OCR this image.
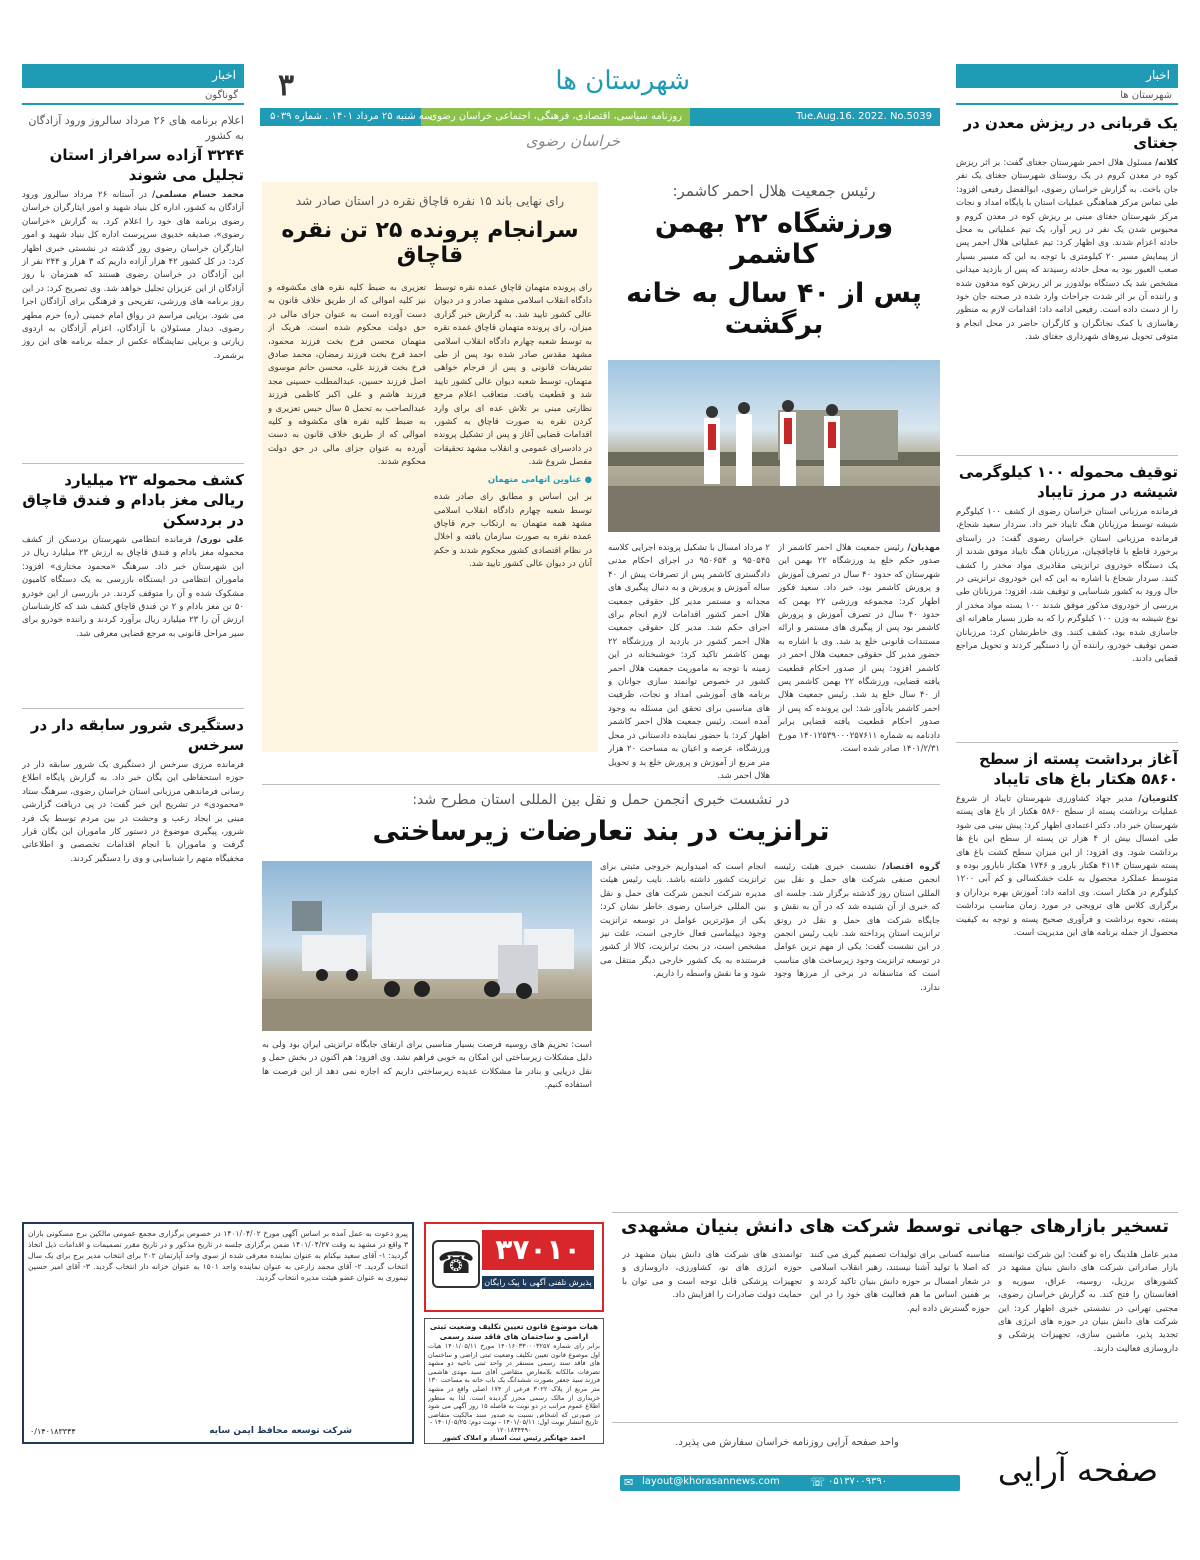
اخبار
گوناگون
اعلام برنامه های ۲۶ مرداد سالروز ورود آزادگان به کشور
۳۲۴۴ آزاده سرافراز استان تجلیل می شوند
محمد حسام مسلمی/ در آستانه ۲۶ مرداد سالروز ورود آزادگان به کشور، اداره کل بنیاد شهید و امور ایثارگران خراسان رضوی برنامه های خود را اعلام کرد. به گزارش «خراسان رضوی»، صدیقه خدیوی سرپرست اداره کل بنیاد شهید و امور ایثارگران خراسان رضوی روز گذشته در نشستی خبری اظهار کرد: در کل کشور ۴۲ هزار آزاده داریم که ۳ هزار و ۲۴۴ نفر از این آزادگان در خراسان رضوی هستند که همزمان با روز آزادگان از این عزیزان تجلیل خواهد شد. وی تصریح کرد: در این روز برنامه های ورزشی، تفریحی و فرهنگی برای آزادگان اجرا می شود. برپایی مراسم در رواق امام خمینی (ره) حرم مطهر رضوی، دیدار مسئولان با آزادگان، اعزام آزادگان به اردوی زیارتی و برپایی نمایشگاه عکس از جمله برنامه های این روز برشمرد.
کشف محموله ۲۳ میلیارد ریالی مغز بادام و فندق قاچاق در بردسکن
علی نوری/ فرمانده انتظامی شهرستان بردسکن از کشف محموله مغز بادام و فندق قاچاق به ارزش ۲۳ میلیارد ریال در این شهرستان خبر داد. سرهنگ «محمود مختاری» افزود: ماموران انتظامی در ایستگاه بازرسی به یک دستگاه کامیون مشکوک شده و آن را متوقف کردند. در بازرسی از این خودرو ۵۰ تن مغز بادام و ۲ تن فندق قاچاق کشف شد که کارشناسان ارزش آن را ۲۳ میلیارد ریال برآورد کردند و راننده خودرو برای سیر مراحل قانونی به مرجع قضایی معرفی شد.
دستگیری شرور سابقه دار در سرخس
فرمانده مرزی سرخس از دستگیری یک شرور سابقه دار در حوزه استحفاظی این یگان خبر داد. به گزارش پایگاه اطلاع رسانی فرماندهی مرزبانی استان خراسان رضوی، سرهنگ ستاد «محمودی» در تشریح این خبر گفت: در پی دریافت گزارشی مبنی بر ایجاد رعب و وحشت در بین مردم توسط یک فرد شرور، پیگیری موضوع در دستور کار ماموران این یگان قرار گرفت و ماموران با انجام اقدامات تخصصی و اطلاعاتی مخفیگاه متهم را شناسایی و وی را دستگیر کردند.
اخبار
شهرستان ها
یک قربانی در ریزش معدن در جغتای
کلاته/ مسئول هلال احمر شهرستان جغتای گفت: بر اثر ریزش کوه در معدن کروم در یک روستای شهرستان جغتای یک نفر جان باخت. به گزارش خراسان رضوی، ابوالفضل رفیعی افزود: طی تماس مرکز هماهنگی عملیات استان با پایگاه امداد و نجات مرکز شهرستان جغتای مبنی بر ریزش کوه در معدن کروم و محبوس شدن یک نفر در زیر آوار، یک تیم عملیاتی به محل حادثه اعزام شدند. وی اظهار کرد: تیم عملیاتی هلال احمر پس از پیمایش مسیر ۲۰ کیلومتری با توجه به این که مسیر بسیار صعب العبور بود به محل حادثه رسیدند که پس از بازدید میدانی مشخص شد یک دستگاه بولدوزر بر اثر ریزش کوه مدفون شده و راننده آن بر اثر شدت جراحات وارد شده در صحنه جان خود را از دست داده است. رفیعی ادامه داد: اقدامات لازم به منظور رهاسازی با کمک نجاتگران و کارگران حاضر در محل انجام و متوفی تحویل نیروهای شهرداری جغتای شد.
توقیف محموله ۱۰۰ کیلوگرمی شیشه در مرز تایباد
فرمانده مرزبانی استان خراسان رضوی از کشف ۱۰۰ کیلوگرم شیشه توسط مرزبانان هنگ تایباد خبر داد. سردار سعید شجاع، فرمانده مرزبانی استان خراسان رضوی گفت: در راستای برخورد قاطع با قاچاقچیان، مرزبانان هنگ تایباد موفق شدند از یک دستگاه خودروی ترانزیتی مقادیری مواد مخدر را کشف کنند. سردار شجاع با اشاره به این که این خودروی ترانزیتی در حال ورود به کشور شناسایی و توقیف شد، افزود: مرزبانان طی بررسی از خودروی مذکور موفق شدند ۱۰۰ بسته مواد مخدر از نوع شیشه به وزن ۱۰۰ کیلوگرم را که به طرز بسیار ماهرانه ای جاسازی شده بود، کشف کنند. وی خاطرنشان کرد: مرزبانان ضمن توقیف خودرو، راننده آن را دستگیر کردند و تحویل مراجع قضایی دادند.
آغاز برداشت پسته از سطح ۵۸۶۰ هکتار باغ های تایباد
کلثومیان/ مدیر جهاد کشاورزی شهرستان تایباد از شروع عملیات برداشت پسته از سطح ۵۸۶۰ هکتار از باغ های پسته شهرستان خبر داد. دکتر اعتمادی اظهار کرد: پیش بینی می شود طی امسال بیش از ۴ هزار تن پسته از سطح این باغ ها برداشت شود. وی افزود: از این میزان سطح کشت باغ های پسته شهرستان ۴۱۱۴ هکتار بارور و ۱۷۴۶ هکتار نابارور بوده و متوسط عملکرد محصول به علت خشکسالی و کم آبی ۱۲۰۰ کیلوگرم در هکتار است. وی ادامه داد: آموزش بهره برداران و برگزاری کلاس های ترویجی در مورد زمان مناسب برداشت پسته، نحوه برداشت و فرآوری صحیح پسته و توجه به کیفیت محصول از جمله برنامه های این مدیریت است.
۳	شهرستان ها
روزنامه سیاسی، اقتصادی، فرهنگی، اجتماعی خراسان رضوی	Tue.Aug.16. 2022. No.5039
سه شنبه ۲۵ مرداد ۱۴۰۱ . شماره ۵۰۳۹
خراسان رضوی
رئیس جمعیت هلال احمر کاشمر:
ورزشگاه ۲۲ بهمن کاشمر
پس از ۴۰ سال به خانه برگشت
مهدیان/ رئیس جمعیت هلال احمر کاشمر از صدور حکم خلع ید ورزشگاه ۲۲ بهمن این شهرستان که حدود ۴۰ سال در تصرف آموزش و پرورش کاشمر بود، خبر داد. سعید فکور اظهار کرد: مجموعه ورزشی ۲۲ بهمن که حدود ۴۰ سال در تصرف آموزش و پرورش کاشمر بود پس از پیگیری های مستمر و ارائه مستندات قانونی خلع ید شد. وی با اشاره به حضور مدیر کل حقوقی جمعیت هلال احمر در کاشمر افزود: پس از صدور احکام قطعیت یافته قضایی، ورزشگاه ۲۲ بهمن کاشمر پس از ۴۰ سال خلع ید شد. رئیس جمعیت هلال احمر کاشمر یادآور شد: این پرونده که پس از صدور احکام قطعیت یافته قضایی برابر دادنامه به شماره ۱۴۰۱۲۵۳۹۰۰۰۲۵۷۶۱۱ مورخ ۱۴۰۱/۲/۳۱ صادر شده است.
۲ مرداد امسال با تشکیل پرونده اجرایی کلاسه ۹۵۰۵۴۵ و ۹۵۰۶۵۴ در اجرای احکام مدنی دادگستری کاشمر پس از تصرفات پیش از ۴۰ ساله آموزش و پرورش و به دنبال پیگیری های مجدانه و مستمر مدیر کل حقوقی جمعیت هلال احمر کشور اقدامات لازم انجام برای اجرای حکم شد. مدیر کل حقوقی جمعیت هلال احمر کشور در بازدید از ورزشگاه ۲۲ بهمن کاشمر تاکید کرد: خوشبختانه در این زمینه با توجه به ماموریت جمعیت هلال احمر کشور در خصوص توانمند سازی جوانان و برنامه های آموزشی امداد و نجات، ظرفیت های مناسبی برای تحقق این مسئله به وجود آمده است. رئیس جمعیت هلال احمر کاشمر اظهار کرد: با حضور نماینده دادستانی در محل ورزشگاه، عرصه و اعیان به مساحت ۲۰ هزار متر مربع از آموزش و پرورش خلع ید و تحویل هلال احمر شد.
رای نهایی باند ۱۵ نفره قاچاق نقره در استان صادر شد
سرانجام پرونده ۲۵ تن نقره قاچاق
رای پرونده متهمان قاچاق عمده نقره توسط دادگاه انقلاب اسلامی مشهد صادر و در دیوان عالی کشور تایید شد. به گزارش خبر گزاری میزان، رای پرونده متهمان قاچاق عمده نقره به توسط شعبه چهارم دادگاه انقلاب اسلامی مشهد مقدس صادر شده بود پس از طی تشریفات قانونی و پس از فرجام خواهی متهمان، توسط شعبه دیوان عالی کشور تایید شد و قطعیت یافت. متعاقب اعلام مرجع نظارتی مبنی بر تلاش عده ای برای وارد کردن نقره به صورت قاچاق به کشور، اقدامات قضایی آغاز و پس از تشکیل پرونده در دادسرای عمومی و انقلاب مشهد تحقیقات مفصل شروع شد.
● عناوین اتهامی متهمان
بر این اساس و مطابق رای صادر شده توسط شعبه چهارم دادگاه انقلاب اسلامی مشهد همه متهمان به ارتکاب جرم قاچاق عمده نقره به صورت سازمان یافته و اخلال در نظام اقتصادی کشور محکوم شدند و حکم آنان در دیوان عالی کشور تایید شد.
تعزیری به ضبط کلیه نقره های مکشوفه و نیز کلیه اموالی که از طریق خلاف قانون به دست آورده است به عنوان جزای مالی در حق دولت محکوم شده است. هریک از متهمان محسن فرخ بخت فرزند محمود، احمد فرخ بخت فرزند رمضان، محمد صادق فرخ بخت فرزند علی، محسن حاتم موسوی اصل فرزند حسین، عبدالمطلب حسینی مجد فرزند هاشم و علی اکبر کاظمی فرزند عبدالصاحب به تحمل ۵ سال حبس تعزیری و به ضبط کلیه نقره های مکشوفه و کلیه اموالی که از طریق خلاف قانون به دست آورده به عنوان جزای مالی در حق دولت محکوم شدند.
در نشست خبری انجمن حمل و نقل بین المللی استان مطرح شد:
ترانزیت در بند تعارضات زیرساختی
گروه اقتصاد/ نشست خبری هیئت رئیسه انجمن صنفی شرکت های حمل و نقل بین المللی استان روز گذشته برگزار شد. جلسه ای که خبری از آن شنیده شد که در آن به نقش و جایگاه شرکت های حمل و نقل در رونق ترانزیت استان پرداخته شد. نایب رئیس انجمن در این نشست گفت: یکی از مهم ترین عوامل در توسعه ترانزیت وجود زیرساخت های مناسب است که متاسفانه در برخی از مرزها وجود ندارد.
انجام است که امیدواریم خروجی مثبتی برای ترانزیت کشور داشته باشد. نایب رئیس هیئت مدیره شرکت انجمن شرکت های حمل و نقل بین المللی خراسان رضوی خاطر نشان کرد: یکی از مؤثرترین عوامل در توسعه ترانزیت وجود دیپلماسی فعال خارجی است، علت نیز مشخص است، در بحث ترانزیت، کالا از کشور فرستنده به یک کشور خارجی دیگر منتقل می شود و ما نقش واسطه را داریم.
است: تحریم های روسیه فرصت بسیار مناسبی برای ارتقای جایگاه ترانزیتی ایران بود ولی به دلیل مشکلات زیرساختی این امکان به خوبی فراهم نشد. وی افزود: هم اکنون در بخش حمل و نقل دریایی و بنادر ما مشکلات عدیده زیرساختی داریم که اجازه نمی دهد از این فرصت ها استفاده کنیم.
تسخیر بازارهای جهانی توسط شرکت های دانش بنیان مشهدی
مدیر عامل هلدینگ راه نو گفت: این شرکت توانسته بازار صادراتی شرکت های دانش بنیان مشهد در کشورهای برزیل، روسیه، عراق، سوریه و افغانستان را فتح کند. به گزارش خراسان رضوی، مجتبی تهرانی در نشستی خبری اظهار کرد: این شرکت های دانش بنیان در حوزه های انرژی های تجدید پذیر، ماشین سازی، تجهیزات پزشکی و داروسازی فعالیت دارند.
مناسبه کسانی برای تولیدات تصمیم گیری می کنند که اصلا با تولید آشنا نیستند، رهبر انقلاب اسلامی در شعار امسال بر حوزه دانش بنیان تاکید کردند و بر همین اساس ما هم فعالیت های خود را در این حوزه گسترش داده ایم.
توانمندی های شرکت های دانش بنیان مشهد در حوزه انرژی های نو، کشاورزی، داروسازی و تجهیزات پزشکی قابل توجه است و می توان با حمایت دولت صادرات را افزایش داد.
واحد صفحه آرایی روزنامه خراسان سفارش می پذیرد.
صفحه آرایی
✉ layout@khorasannews.com	☏ ۰۵۱۳۷۰۰۹۳۹۰
پیرو دعوت به عمل آمده بر اساس آگهی مورخ ۱۴۰۱/۰۴/۰۲ در خصوص برگزاری مجمع عمومی مالکین برج مسکونی باران ۳ واقع در مشهد به وقت ۱۴۰۱/۰۴/۲۷ ضمن برگزاری جلسه در تاریخ مذکور و در تاریخ مقرر تصمیمات و اقدامات ذیل اتخاذ گردید: ۱- آقای سعید نیکنام به عنوان نماینده معرفی شده از سوی واحد آپارتمان ۲۰۲ برای انتخاب مدیر برج برای یک سال انتخاب گردید. ۲- آقای محمد زارعی به عنوان نماینده واحد ۱۵۰۱ به عنوان خزانه دار انتخاب گردید. ۳- آقای امیر حسین تیموری به عنوان عضو هیئت مدیره انتخاب گردید.
شرکت توسعه محافظ ایمن سایه
۰/۱۴۰۱۸۳۳۴۴
☎ ۳۷۰۱۰
پذیرش تلفنی آگهی با پیک رایگان
هیات موضوع قانون تعیین تکلیف وضعیت ثبتی اراضی و ساختمان های فاقد سند رسمی
برابر رای شماره ۱۴۰۱۶۰۳۳۰۰۰۳۲۵۷ مورخ ۱۴۰۱/۰۵/۱۱ هیات اول موضوع قانون تعیین تکلیف وضعیت ثبتی اراضی و ساختمان های فاقد سند رسمی مستقر در واحد ثبتی ناحیه دو مشهد تصرفات مالکانه بلامعارض متقاضی آقای سید مهدی هاشمی فرزند سید جعفر بصورت ششدانگ یک باب خانه به مساحت ۱۳۰ متر مربع از پلاک ۳۰۲۲ فرعی از ۱۷۴ اصلی واقع در مشهد خریداری از مالک رسمی محرز گردیده است. لذا به منظور اطلاع عموم مراتب در دو نوبت به فاصله ۱۵ روز آگهی می شود در صورتی که اشخاص نسبت به صدور سند مالکیت متقاضی
تاریخ انتشار نوبت اول: ۱۴۰۱/۰۵/۱۱ - نوبت دوم: ۱۴۰۱/۰۵/۲۵ - ۱۲۰۱۸۳۴۴۹۰
احمد جهانگیر رئیس ثبت اسناد و املاک کشور
